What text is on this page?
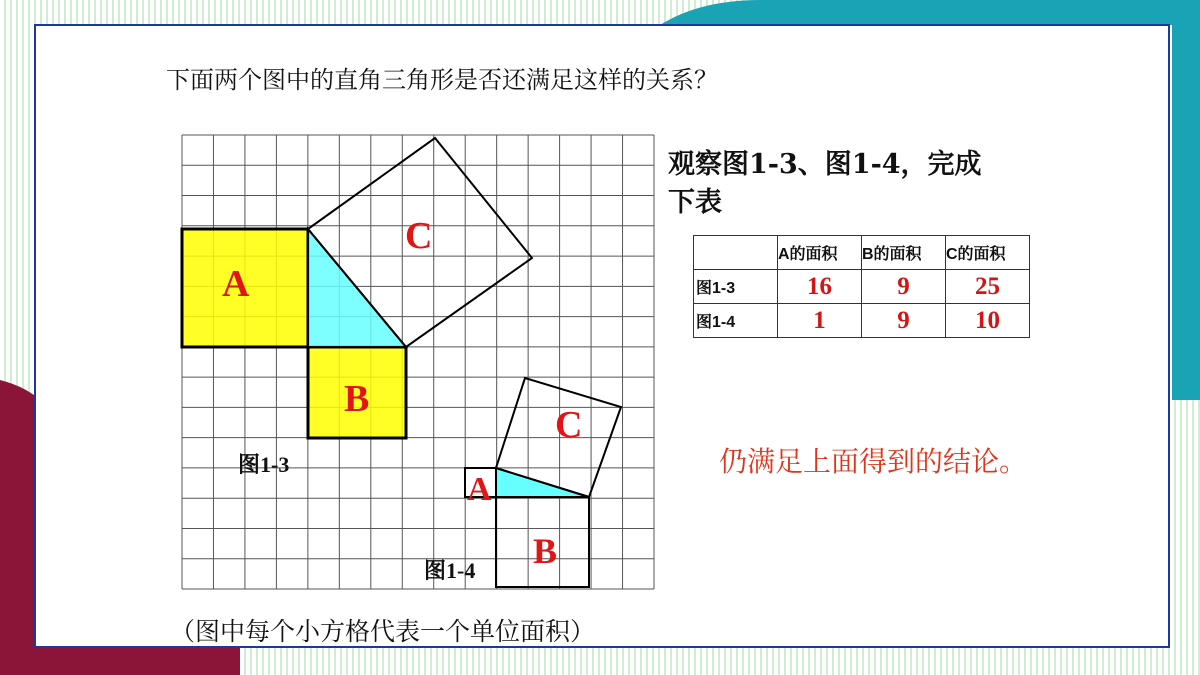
下面两个图中的直角三角形是否还满足这样的关系？
观察图1-3、图1-4，完成
下表
	A的面积	B的面积	C的面积
图1-3	16	9	25
图1-4	1	9	10
A
B
C
图1-3
A
B
C
图1-4
仍满足上面得到的结论。
（图中每个小方格代表一个单位面积）
